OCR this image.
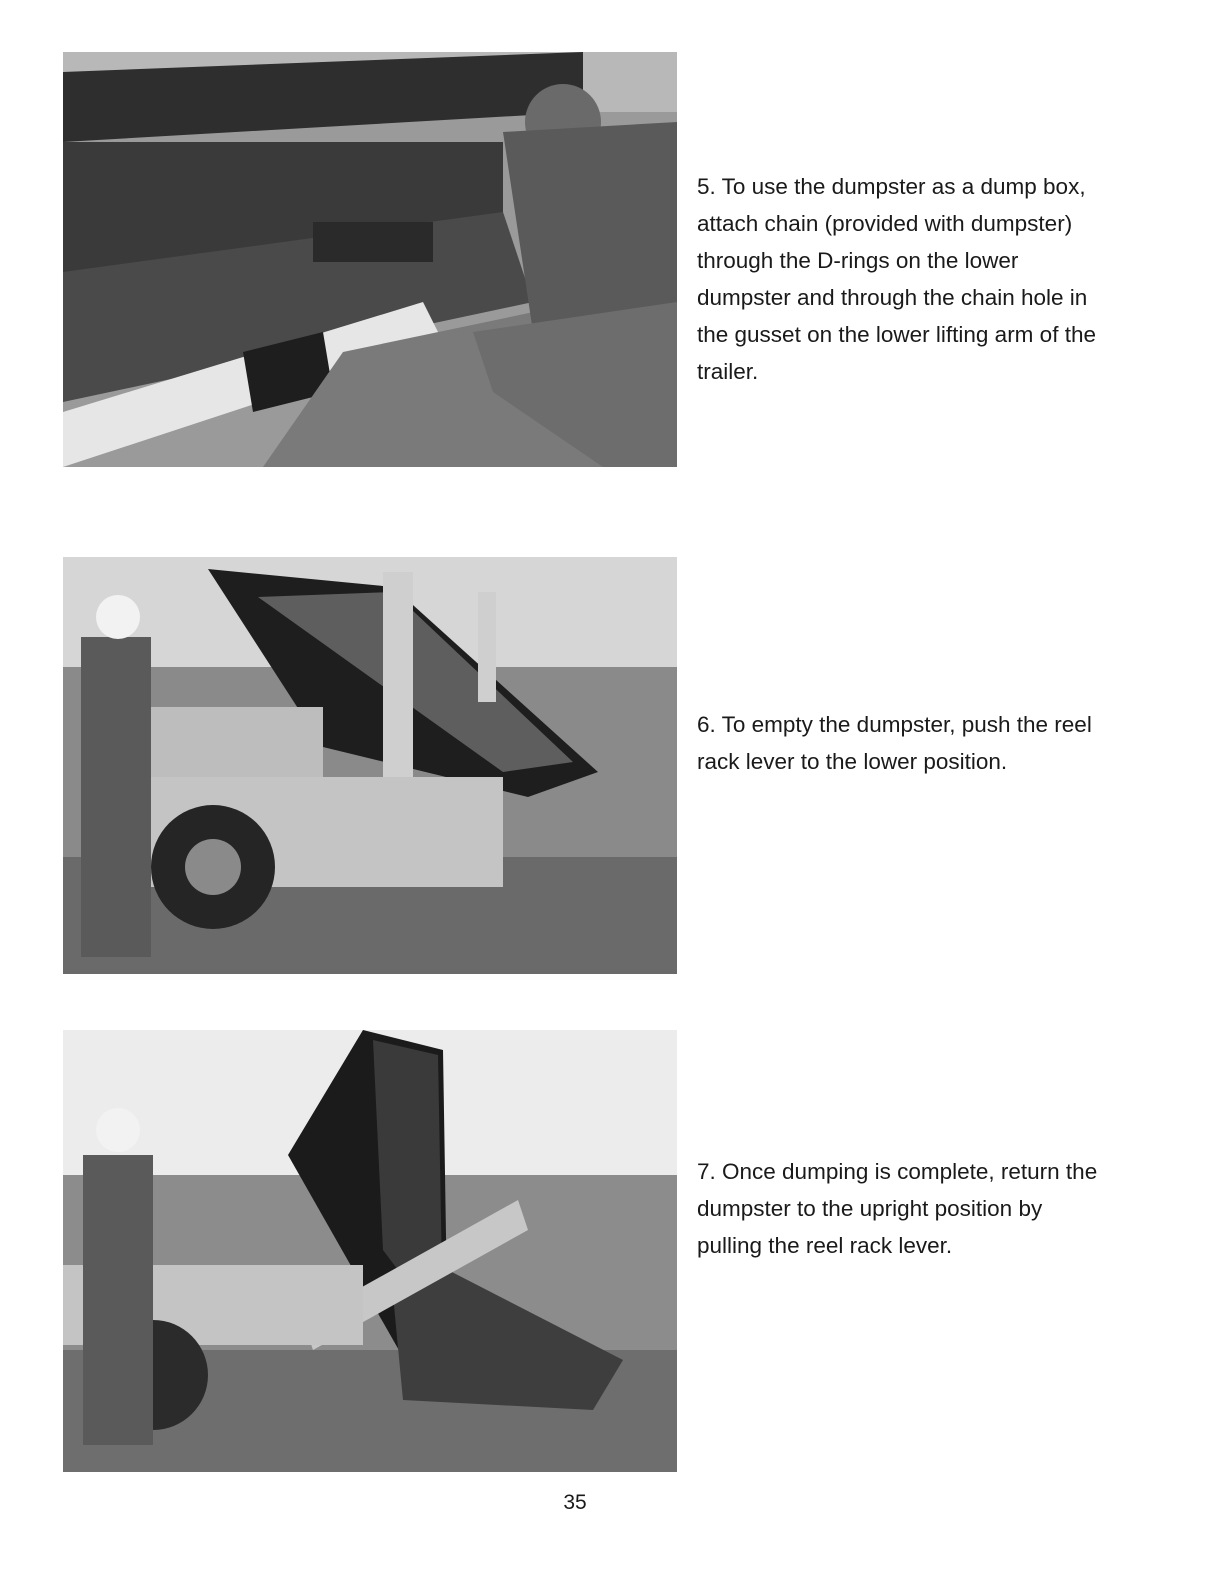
5. To use the dumpster as a dump box, attach chain (provided with dumpster) through the D-rings on the lower dumpster and through the chain hole in the gusset on the lower lifting arm of the trailer.

6. To empty the dumpster, push the reel rack lever to the lower position.

7. Once dumping is complete, return the dumpster to the upright position by pulling the reel rack lever.

35
